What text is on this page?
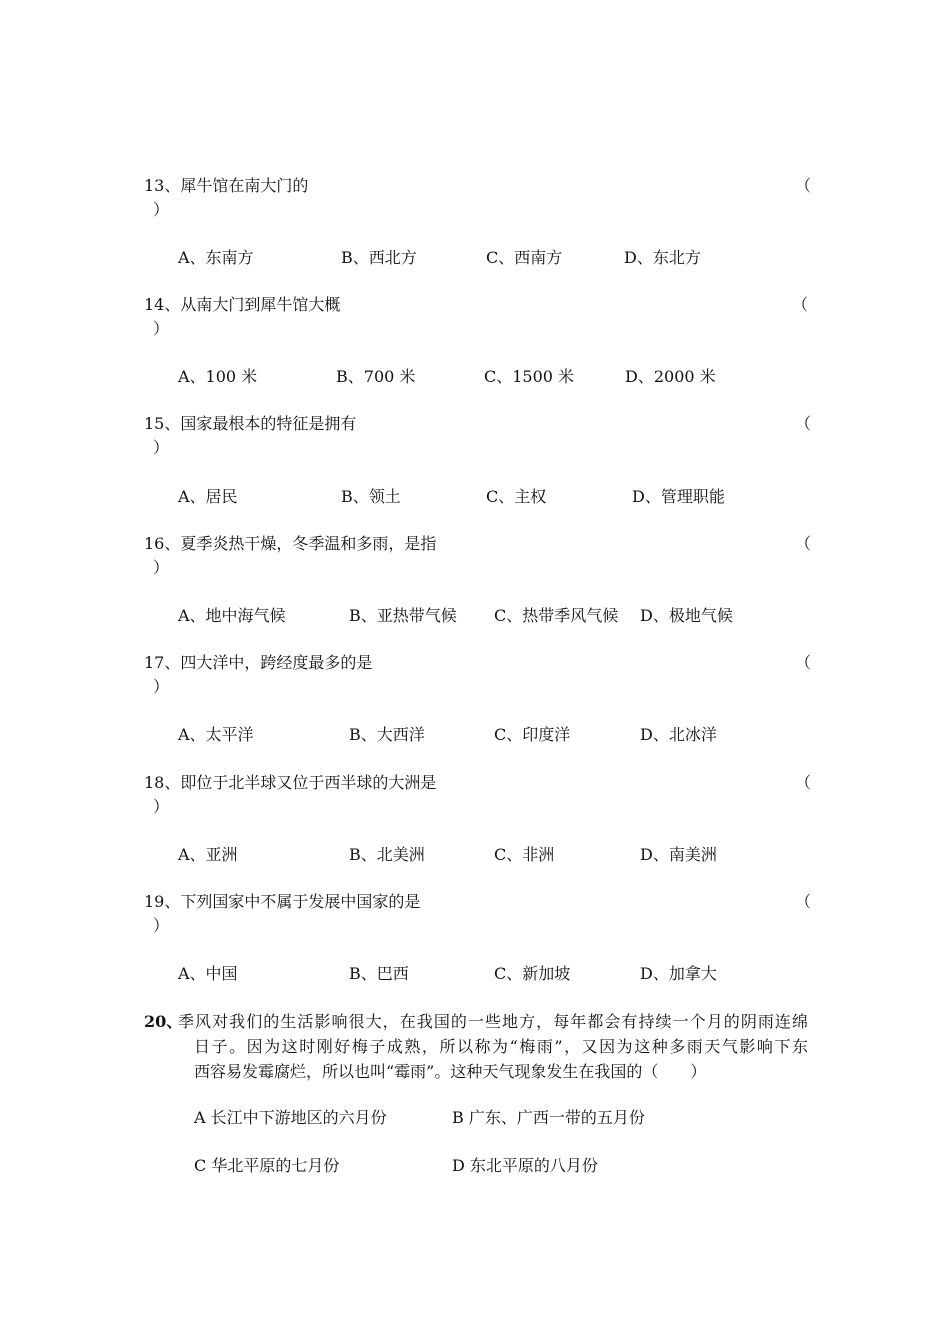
13、犀牛馆在南大门的	（
）
A、东南方	B、西北方	C、西南方	D、东北方
14、从南大门到犀牛馆大概	（
）
A、100 米	B、700 米	C、1500 米	D、2000 米
15、国家最根本的特征是拥有	（
）
A、居民	B、领土	C、主权	D、管理职能
16、夏季炎热干燥，冬季温和多雨，是指	（
）
A、地中海气候	B、亚热带气候 C、热带季风气候 D、极地气候
17、四大洋中，跨经度最多的是	（
）
A、太平洋	B、大西洋	C、印度洋	D、北冰洋
18、即位于北半球又位于西半球的大洲是	（
）
A、亚洲	B、北美洲	C、非洲	D、南美洲
19、下列国家中不属于发展中国家的是	（
）
A、中国	B、巴西	C、新加坡	D、加拿大
20、
季风对我们的生活影响很大，在我国的一些地方，每年都会有持续一个月的阴雨连绵
日子。因为这时刚好梅子成熟，所以称为“梅雨”，又因为这种多雨天气影响下东
西容易发霉腐烂，所以也叫“霉雨”。这种天气现象发生在我国的（　　）
A 长江中下游地区的六月份	B 广东、广西一带的五月份
C 华北平原的七月份	D 东北平原的八月份
